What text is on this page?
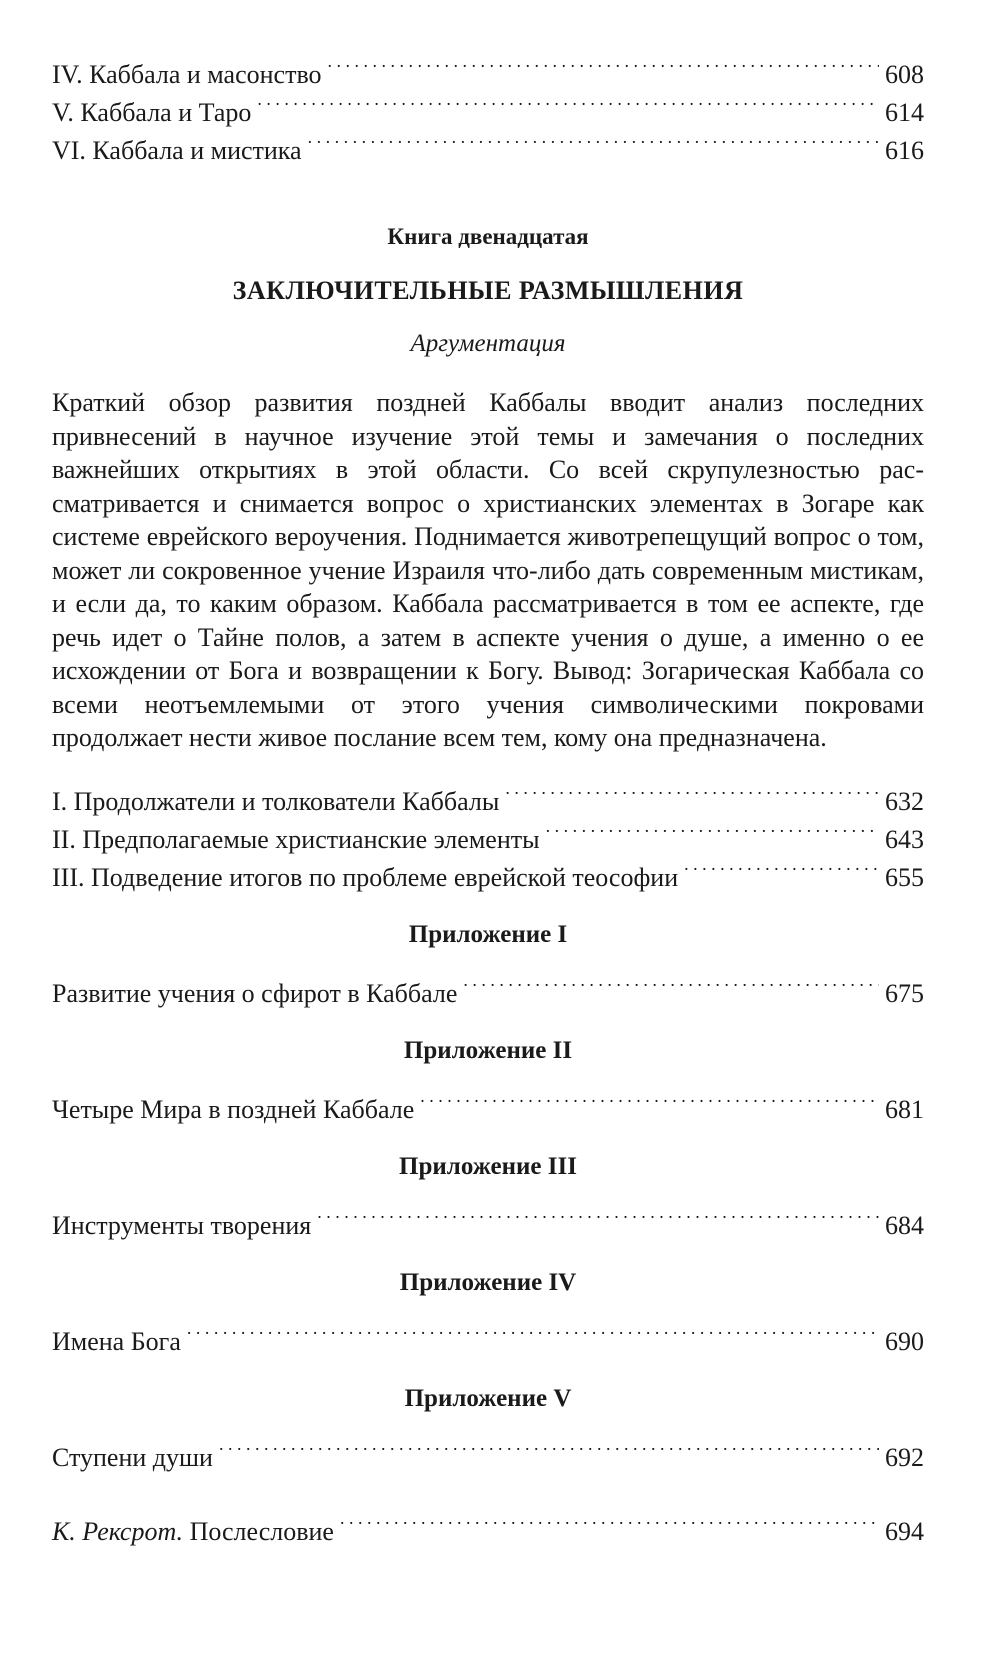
IV. Каббала и масонство . . .	608
V. Каббала и Таро . . .	614
VI. Каббала и мистика . . .	616
Книга двенадцатая
ЗАКЛЮЧИТЕЛЬНЫЕ РАЗМЫШЛЕНИЯ
Аргументация
Краткий обзор развития поздней Каббалы вводит анализ последних привнесений в научное изучение этой темы и замечания о последних важнейших открытиях в этой области. Со всей скрупулезностью рассматривается и снимается вопрос о христианских элементах в Зогаре как системе еврейского вероучения. Поднимается животрепещущий вопрос о том, может ли сокровенное учение Израиля что-либо дать современным мистикам, и если да, то каким образом. Каббала рассматривается в том ее аспекте, где речь идет о Тайне полов, а затем в аспекте учения о душе, а именно о ее исхождении от Бога и возвращении к Богу. Вывод: Зогарическая Каббала со всеми неотъемлемыми от этого учения символическими покровами продолжает нести живое послание всем тем, кому она предназначена.
I. Продолжатели и толкователи Каббалы . . .	632
II. Предполагаемые христианские элементы . . .	643
III. Подведение итогов по проблеме еврейской теософии . . .	655
Приложение I
Развитие учения о сфирот в Каббале . . .	675
Приложение II
Четыре Мира в поздней Каббале . . .	681
Приложение III
Инструменты творения . . .	684
Приложение IV
Имена Бога . . .	690
Приложение V
Ступени души . . .	692
К. Рексрот. Послесловие . . .	694
